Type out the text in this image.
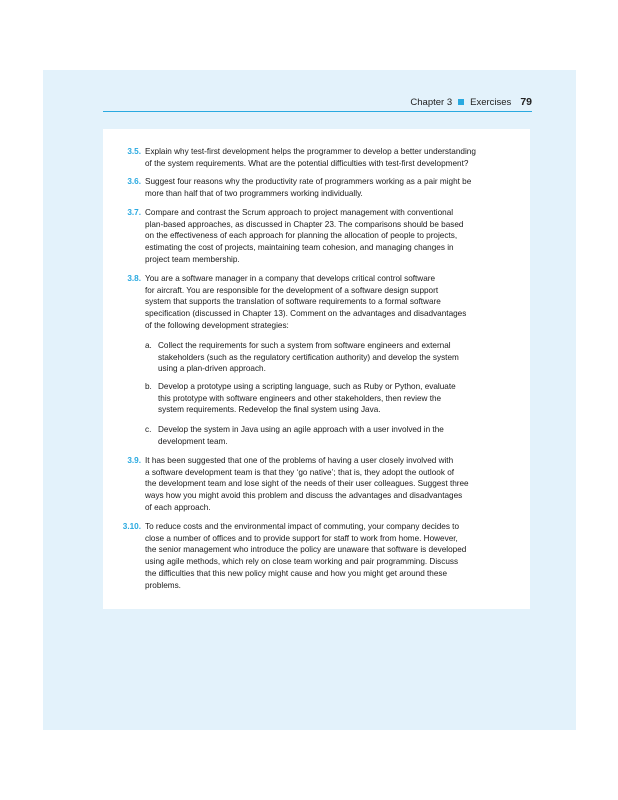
Chapter 3 Exercises 79
3.5. Explain why test-first development helps the programmer to develop a better understanding
of the system requirements. What are the potential difficulties with test-first development?
3.6. Suggest four reasons why the productivity rate of programmers working as a pair might be
more than half that of two programmers working individually.
3.7. Compare and contrast the Scrum approach to project management with conventional
plan-based approaches, as discussed in Chapter 23. The comparisons should be based
on the effectiveness of each approach for planning the allocation of people to projects,
estimating the cost of projects, maintaining team cohesion, and managing changes in
project team membership.
3.8. You are a software manager in a company that develops critical control software
for aircraft. You are responsible for the development of a software design support
system that supports the translation of software requirements to a formal software
specification (discussed in Chapter 13). Comment on the advantages and disadvantages
of the following development strategies:
a. Collect the requirements for such a system from software engineers and external
stakeholders (such as the regulatory certification authority) and develop the system
using a plan-driven approach.
b. Develop a prototype using a scripting language, such as Ruby or Python, evaluate
this prototype with software engineers and other stakeholders, then review the
system requirements. Redevelop the final system using Java.
c. Develop the system in Java using an agile approach with a user involved in the
development team.
3.9. It has been suggested that one of the problems of having a user closely involved with
a software development team is that they ‘go native’; that is, they adopt the outlook of
the development team and lose sight of the needs of their user colleagues. Suggest three
ways how you might avoid this problem and discuss the advantages and disadvantages
of each approach.
3.10. To reduce costs and the environmental impact of commuting, your company decides to
close a number of offices and to provide support for staff to work from home. However,
the senior management who introduce the policy are unaware that software is developed
using agile methods, which rely on close team working and pair programming. Discuss
the difficulties that this new policy might cause and how you might get around these
problems.
